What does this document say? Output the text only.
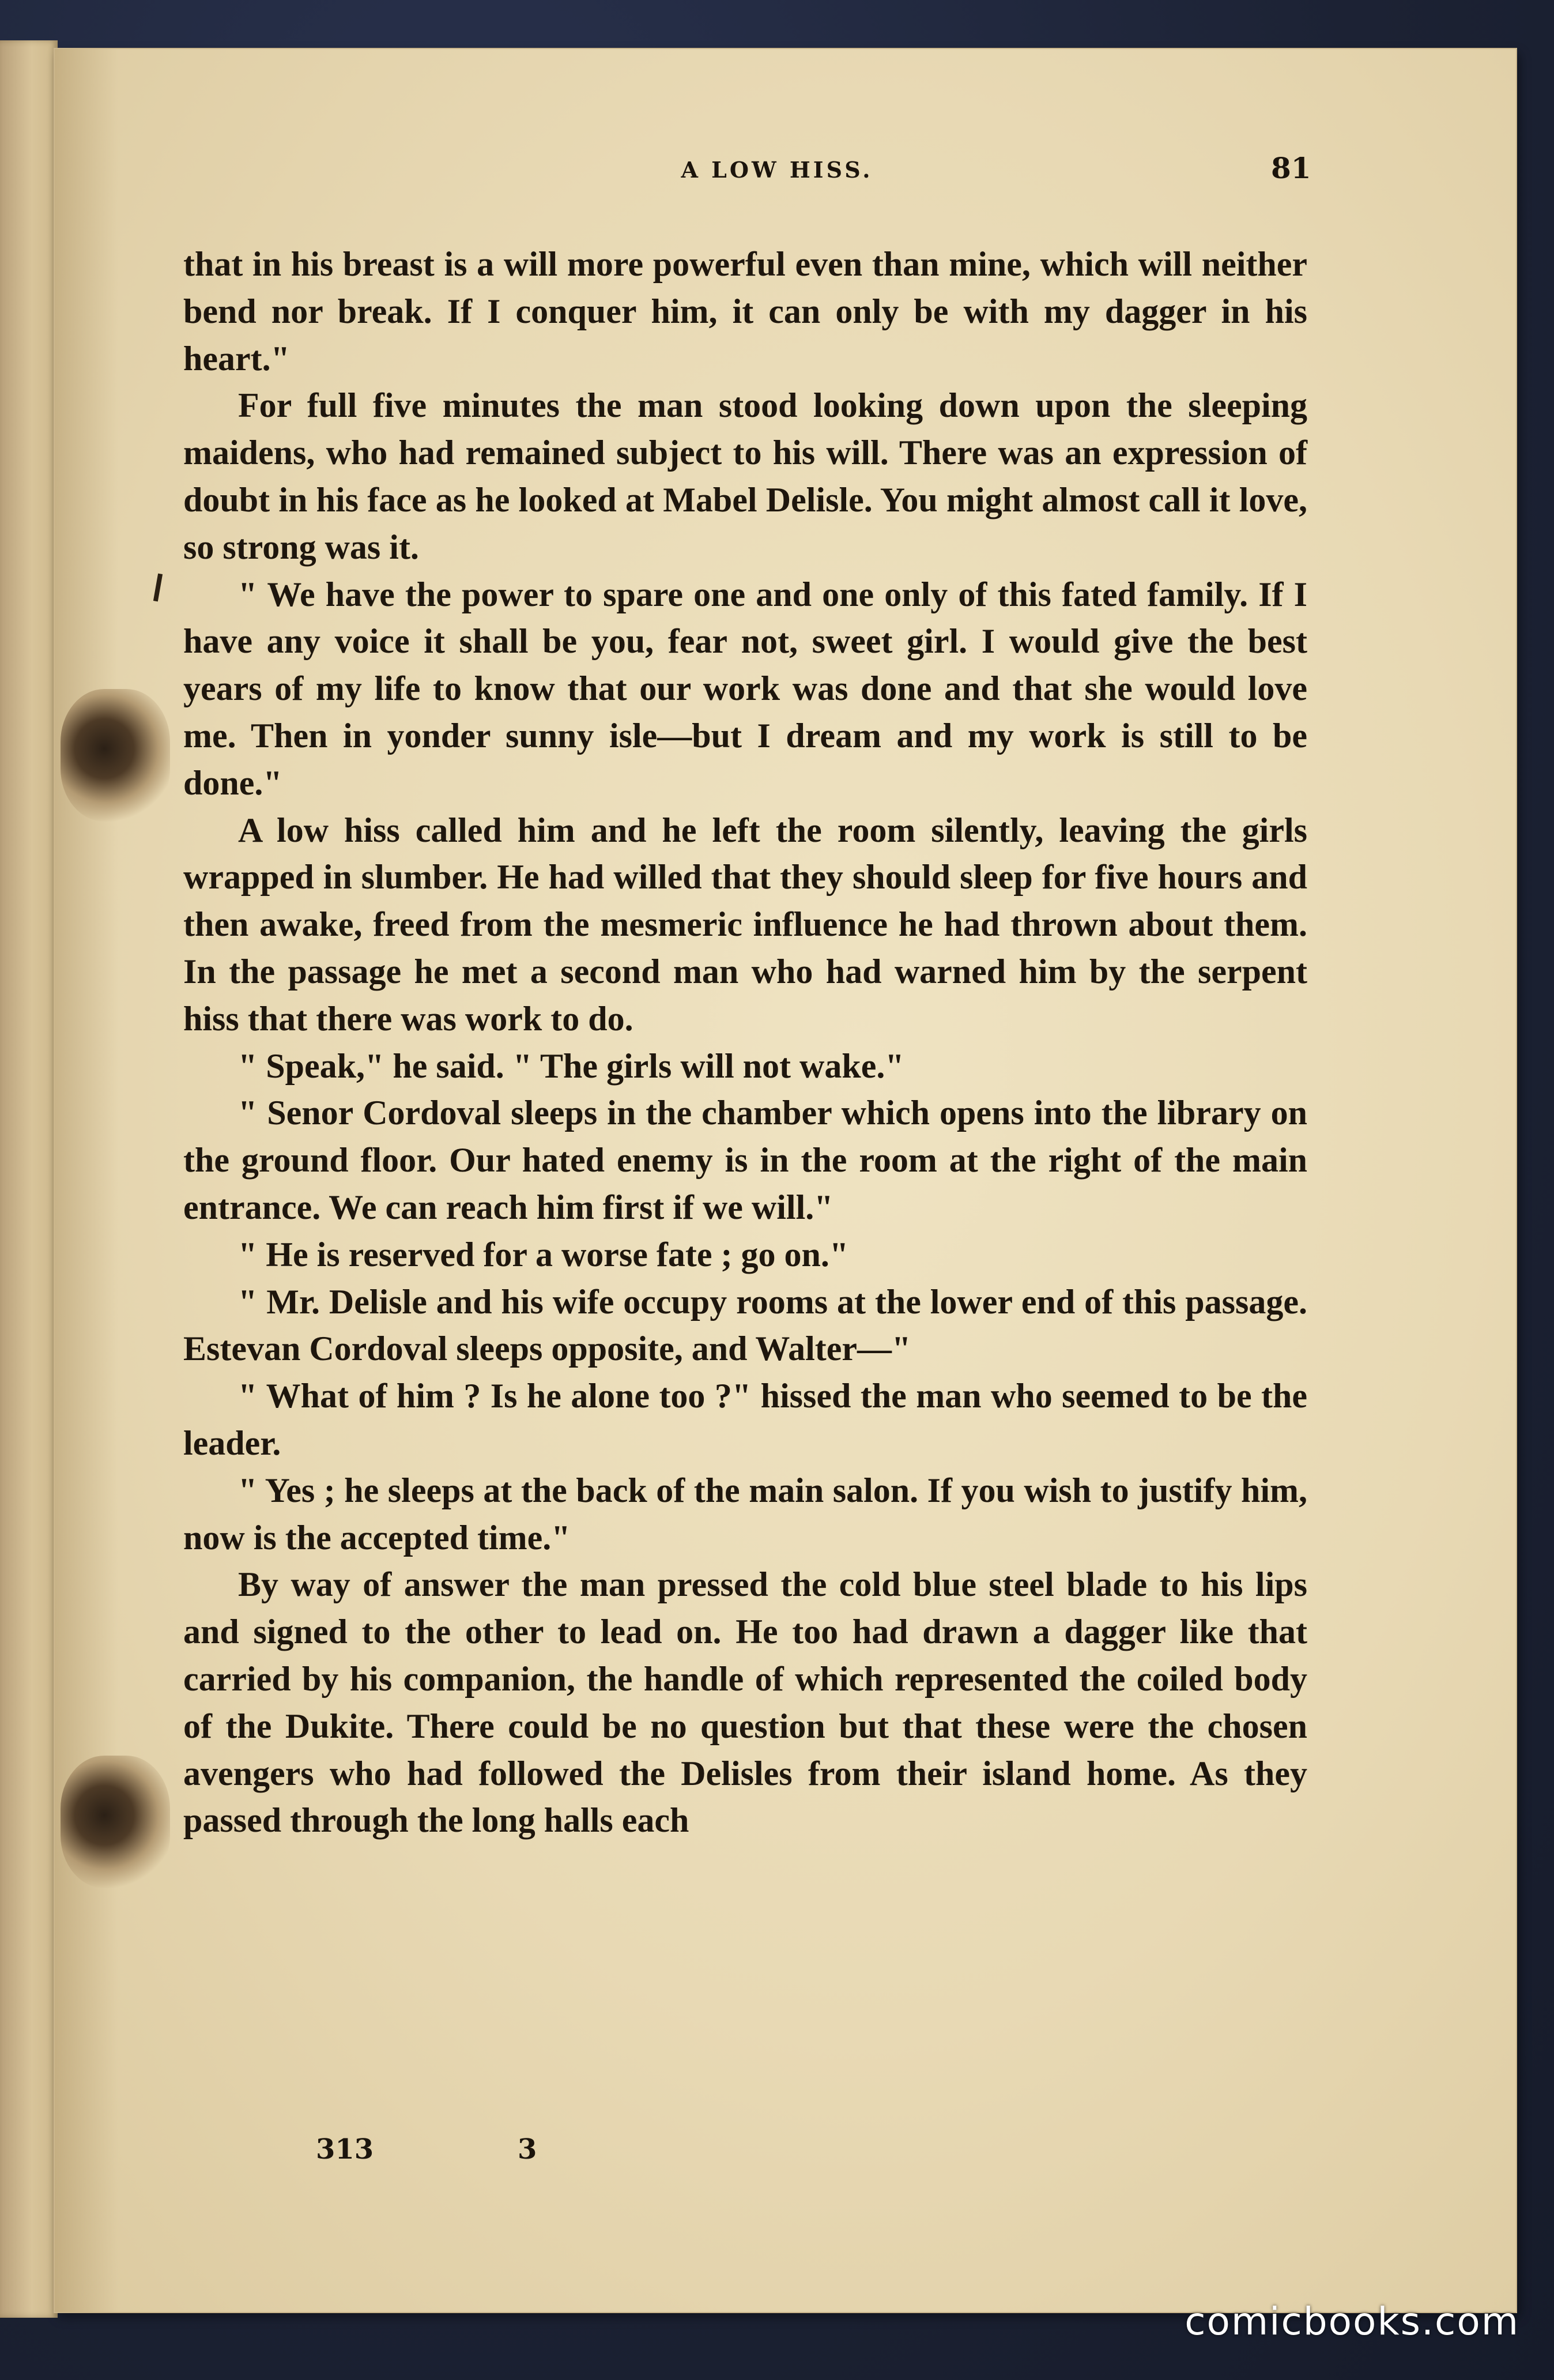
A LOW HISS.	81

that in his breast is a will more powerful even than mine, which will neither bend nor break. If I conquer him, it can only be with my dagger in his heart."

For full five minutes the man stood looking down upon the sleeping maidens, who had remained subject to his will. There was an expression of doubt in his face as he looked at Mabel Delisle. You might almost call it love, so strong was it.

" We have the power to spare one and one only of this fated family. If I have any voice it shall be you, fear not, sweet girl. I would give the best years of my life to know that our work was done and that she would love me. Then in yonder sunny isle—but I dream and my work is still to be done."

A low hiss called him and he left the room silently, leaving the girls wrapped in slumber. He had willed that they should sleep for five hours and then awake, freed from the mesmeric influence he had thrown about them. In the passage he met a second man who had warned him by the serpent hiss that there was work to do.

" Speak," he said. " The girls will not wake."

" Senor Cordoval sleeps in the chamber which opens into the library on the ground floor. Our hated enemy is in the room at the right of the main entrance. We can reach him first if we will."

" He is reserved for a worse fate ; go on."

" Mr. Delisle and his wife occupy rooms at the lower end of this passage. Estevan Cordoval sleeps opposite, and Walter—"

" What of him ? Is he alone too ?" hissed the man who seemed to be the leader.

" Yes ; he sleeps at the back of the main salon. If you wish to justify him, now is the accepted time."

By way of answer the man pressed the cold blue steel blade to his lips and signed to the other to lead on. He too had drawn a dagger like that carried by his companion, the handle of which represented the coiled body of the Dukite. There could be no question but that these were the chosen avengers who had followed the Delisles from their island home. As they passed through the long halls each

313	3
comicbooks.com
